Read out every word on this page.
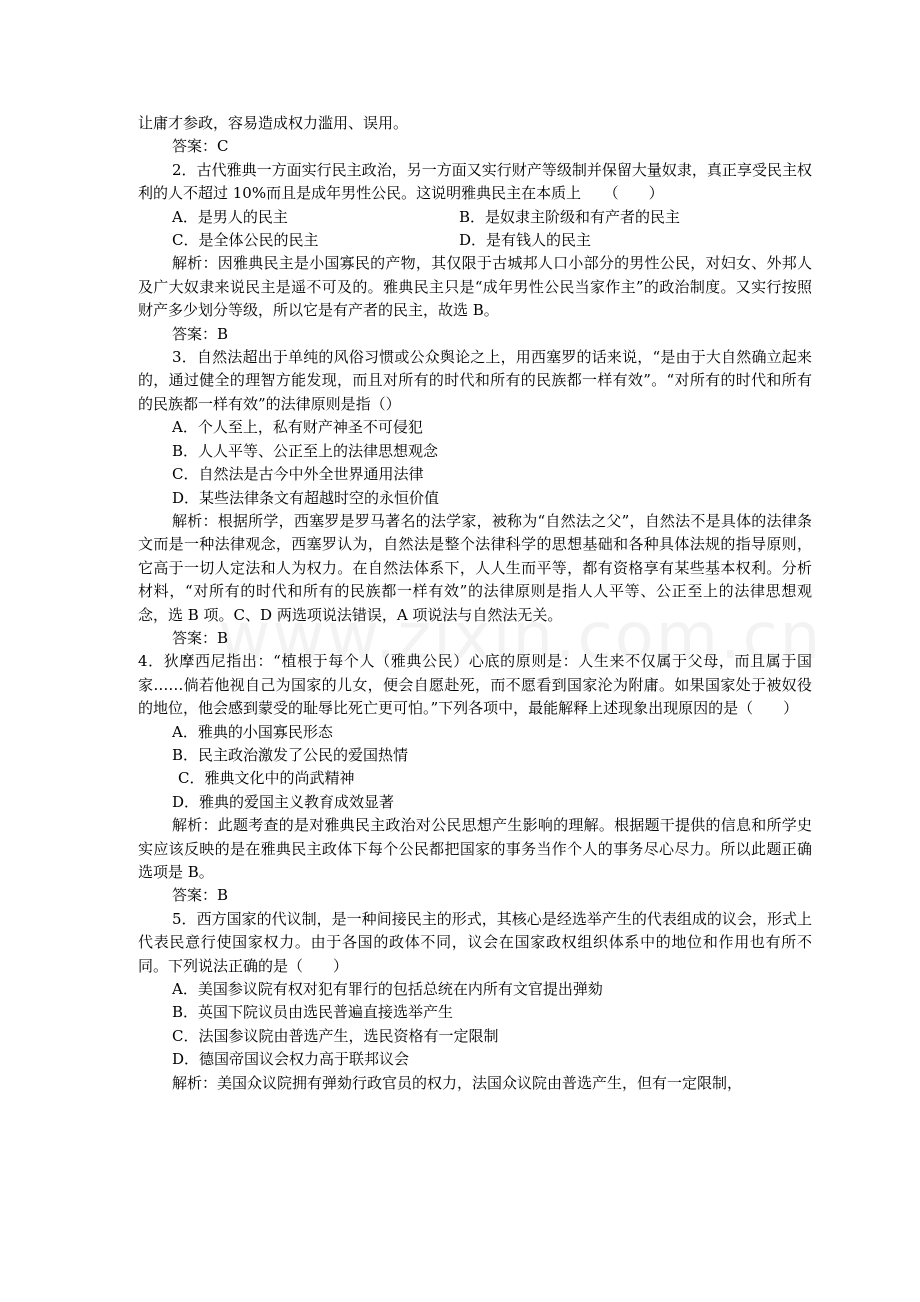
让庸才参政，容易造成权力滥用、误用。
答案：C
2．古代雅典一方面实行民主政治，另一方面又实行财产等级制并保留大量奴隶，真正享受民主权利的人不超过 10%而且是成年男性公民。这说明雅典民主在本质上　　（　　）
A．是男人的民主	B．是奴隶主阶级和有产者的民主
C．是全体公民的民主	D．是有钱人的民主
解析：因雅典民主是小国寡民的产物，其仅限于古城邦人口小部分的男性公民，对妇女、外邦人及广大奴隶来说民主是遥不可及的。雅典民主只是“成年男性公民当家作主”的政治制度。又实行按照财产多少划分等级，所以它是有产者的民主，故选 B。
答案：B
3．自然法超出于单纯的风俗习惯或公众舆论之上，用西塞罗的话来说，“是由于大自然确立起来的，通过健全的理智方能发现，而且对所有的时代和所有的民族都一样有效”。“对所有的时代和所有的民族都一样有效”的法律原则是指（）
A．个人至上，私有财产神圣不可侵犯
B．人人平等、公正至上的法律思想观念
C．自然法是古今中外全世界通用法律
D．某些法律条文有超越时空的永恒价值
解析：根据所学，西塞罗是罗马著名的法学家，被称为“自然法之父”，自然法不是具体的法律条文而是一种法律观念，西塞罗认为，自然法是整个法律科学的思想基础和各种具体法规的指导原则，它高于一切人定法和人为权力。在自然法体系下，人人生而平等，都有资格享有某些基本权利。分析材料，“对所有的时代和所有的民族都一样有效”的法律原则是指人人平等、公正至上的法律思想观念，选 B 项。C、D 两选项说法错误，A 项说法与自然法无关。
答案：B
4．狄摩西尼指出：“植根于每个人（雅典公民）心底的原则是：人生来不仅属于父母，而且属于国家……倘若他视自己为国家的儿女，便会自愿赴死，而不愿看到国家沦为附庸。如果国家处于被奴役的地位，他会感到蒙受的耻辱比死亡更可怕。”下列各项中，最能解释上述现象出现原因的是（　　）
A．雅典的小国寡民形态
B．民主政治激发了公民的爱国热情
C．雅典文化中的尚武精神
D．雅典的爱国主义教育成效显著
解析：此题考查的是对雅典民主政治对公民思想产生影响的理解。根据题干提供的信息和所学史实应该反映的是在雅典民主政体下每个公民都把国家的事务当作个人的事务尽心尽力。所以此题正确选项是 B。
答案：B
5．西方国家的代议制，是一种间接民主的形式，其核心是经选举产生的代表组成的议会，形式上代表民意行使国家权力。由于各国的政体不同，议会在国家政权组织体系中的地位和作用也有所不同。下列说法正确的是（　　）
A．美国参议院有权对犯有罪行的包括总统在内所有文官提出弹劾
B．英国下院议员由选民普遍直接选举产生
C．法国参议院由普选产生，选民资格有一定限制
D．德国帝国议会权力高于联邦议会
解析：美国众议院拥有弹劾行政官员的权力，法国众议院由普选产生，但有一定限制，
